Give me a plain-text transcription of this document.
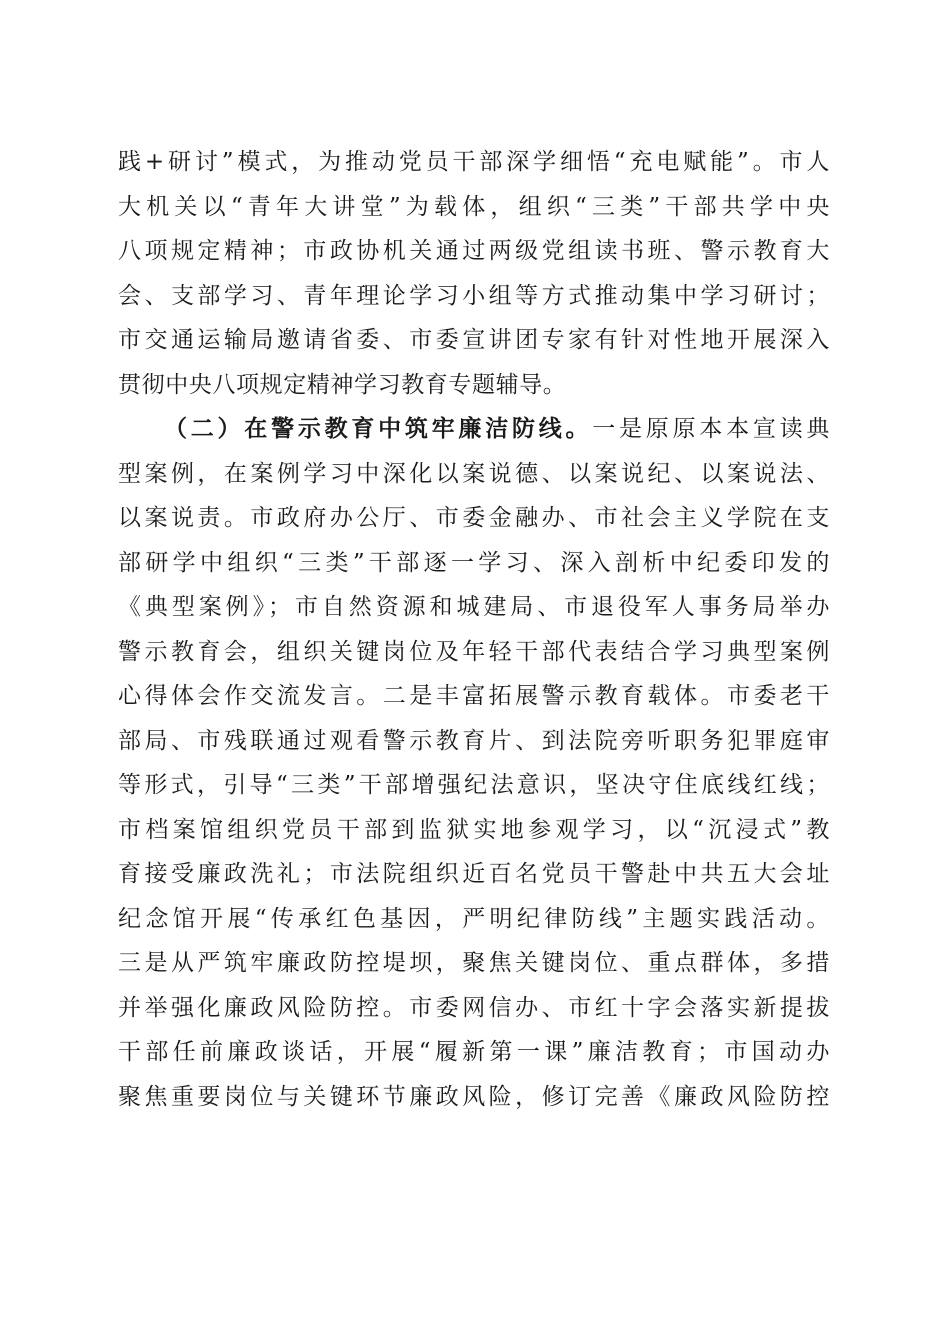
践+研讨”模式，为推动党员干部深学细悟“充电赋能”。市人
大机关以“青年大讲堂”为载体，组织“三类”干部共学中央
八项规定精神；市政协机关通过两级党组读书班、警示教育大
会、支部学习、青年理论学习小组等方式推动集中学习研讨；
市交通运输局邀请省委、市委宣讲团专家有针对性地开展深入
贯彻中央八项规定精神学习教育专题辅导。
（二）在警示教育中筑牢廉洁防线。一是原原本本宣读典
型案例，在案例学习中深化以案说德、以案说纪、以案说法、
以案说责。市政府办公厅、市委金融办、市社会主义学院在支
部研学中组织“三类”干部逐一学习、深入剖析中纪委印发的
《典型案例》；市自然资源和城建局、市退役军人事务局举办
警示教育会，组织关键岗位及年轻干部代表结合学习典型案例
心得体会作交流发言。二是丰富拓展警示教育载体。市委老干
部局、市残联通过观看警示教育片、到法院旁听职务犯罪庭审
等形式，引导“三类”干部增强纪法意识，坚决守住底线红线；
市档案馆组织党员干部到监狱实地参观学习，以“沉浸式”教
育接受廉政洗礼；市法院组织近百名党员干警赴中共五大会址
纪念馆开展“传承红色基因，严明纪律防线”主题实践活动。
三是从严筑牢廉政防控堤坝，聚焦关键岗位、重点群体，多措
并举强化廉政风险防控。市委网信办、市红十字会落实新提拔
干部任前廉政谈话，开展“履新第一课”廉洁教育；市国动办
聚焦重要岗位与关键环节廉政风险，修订完善《廉政风险防控
